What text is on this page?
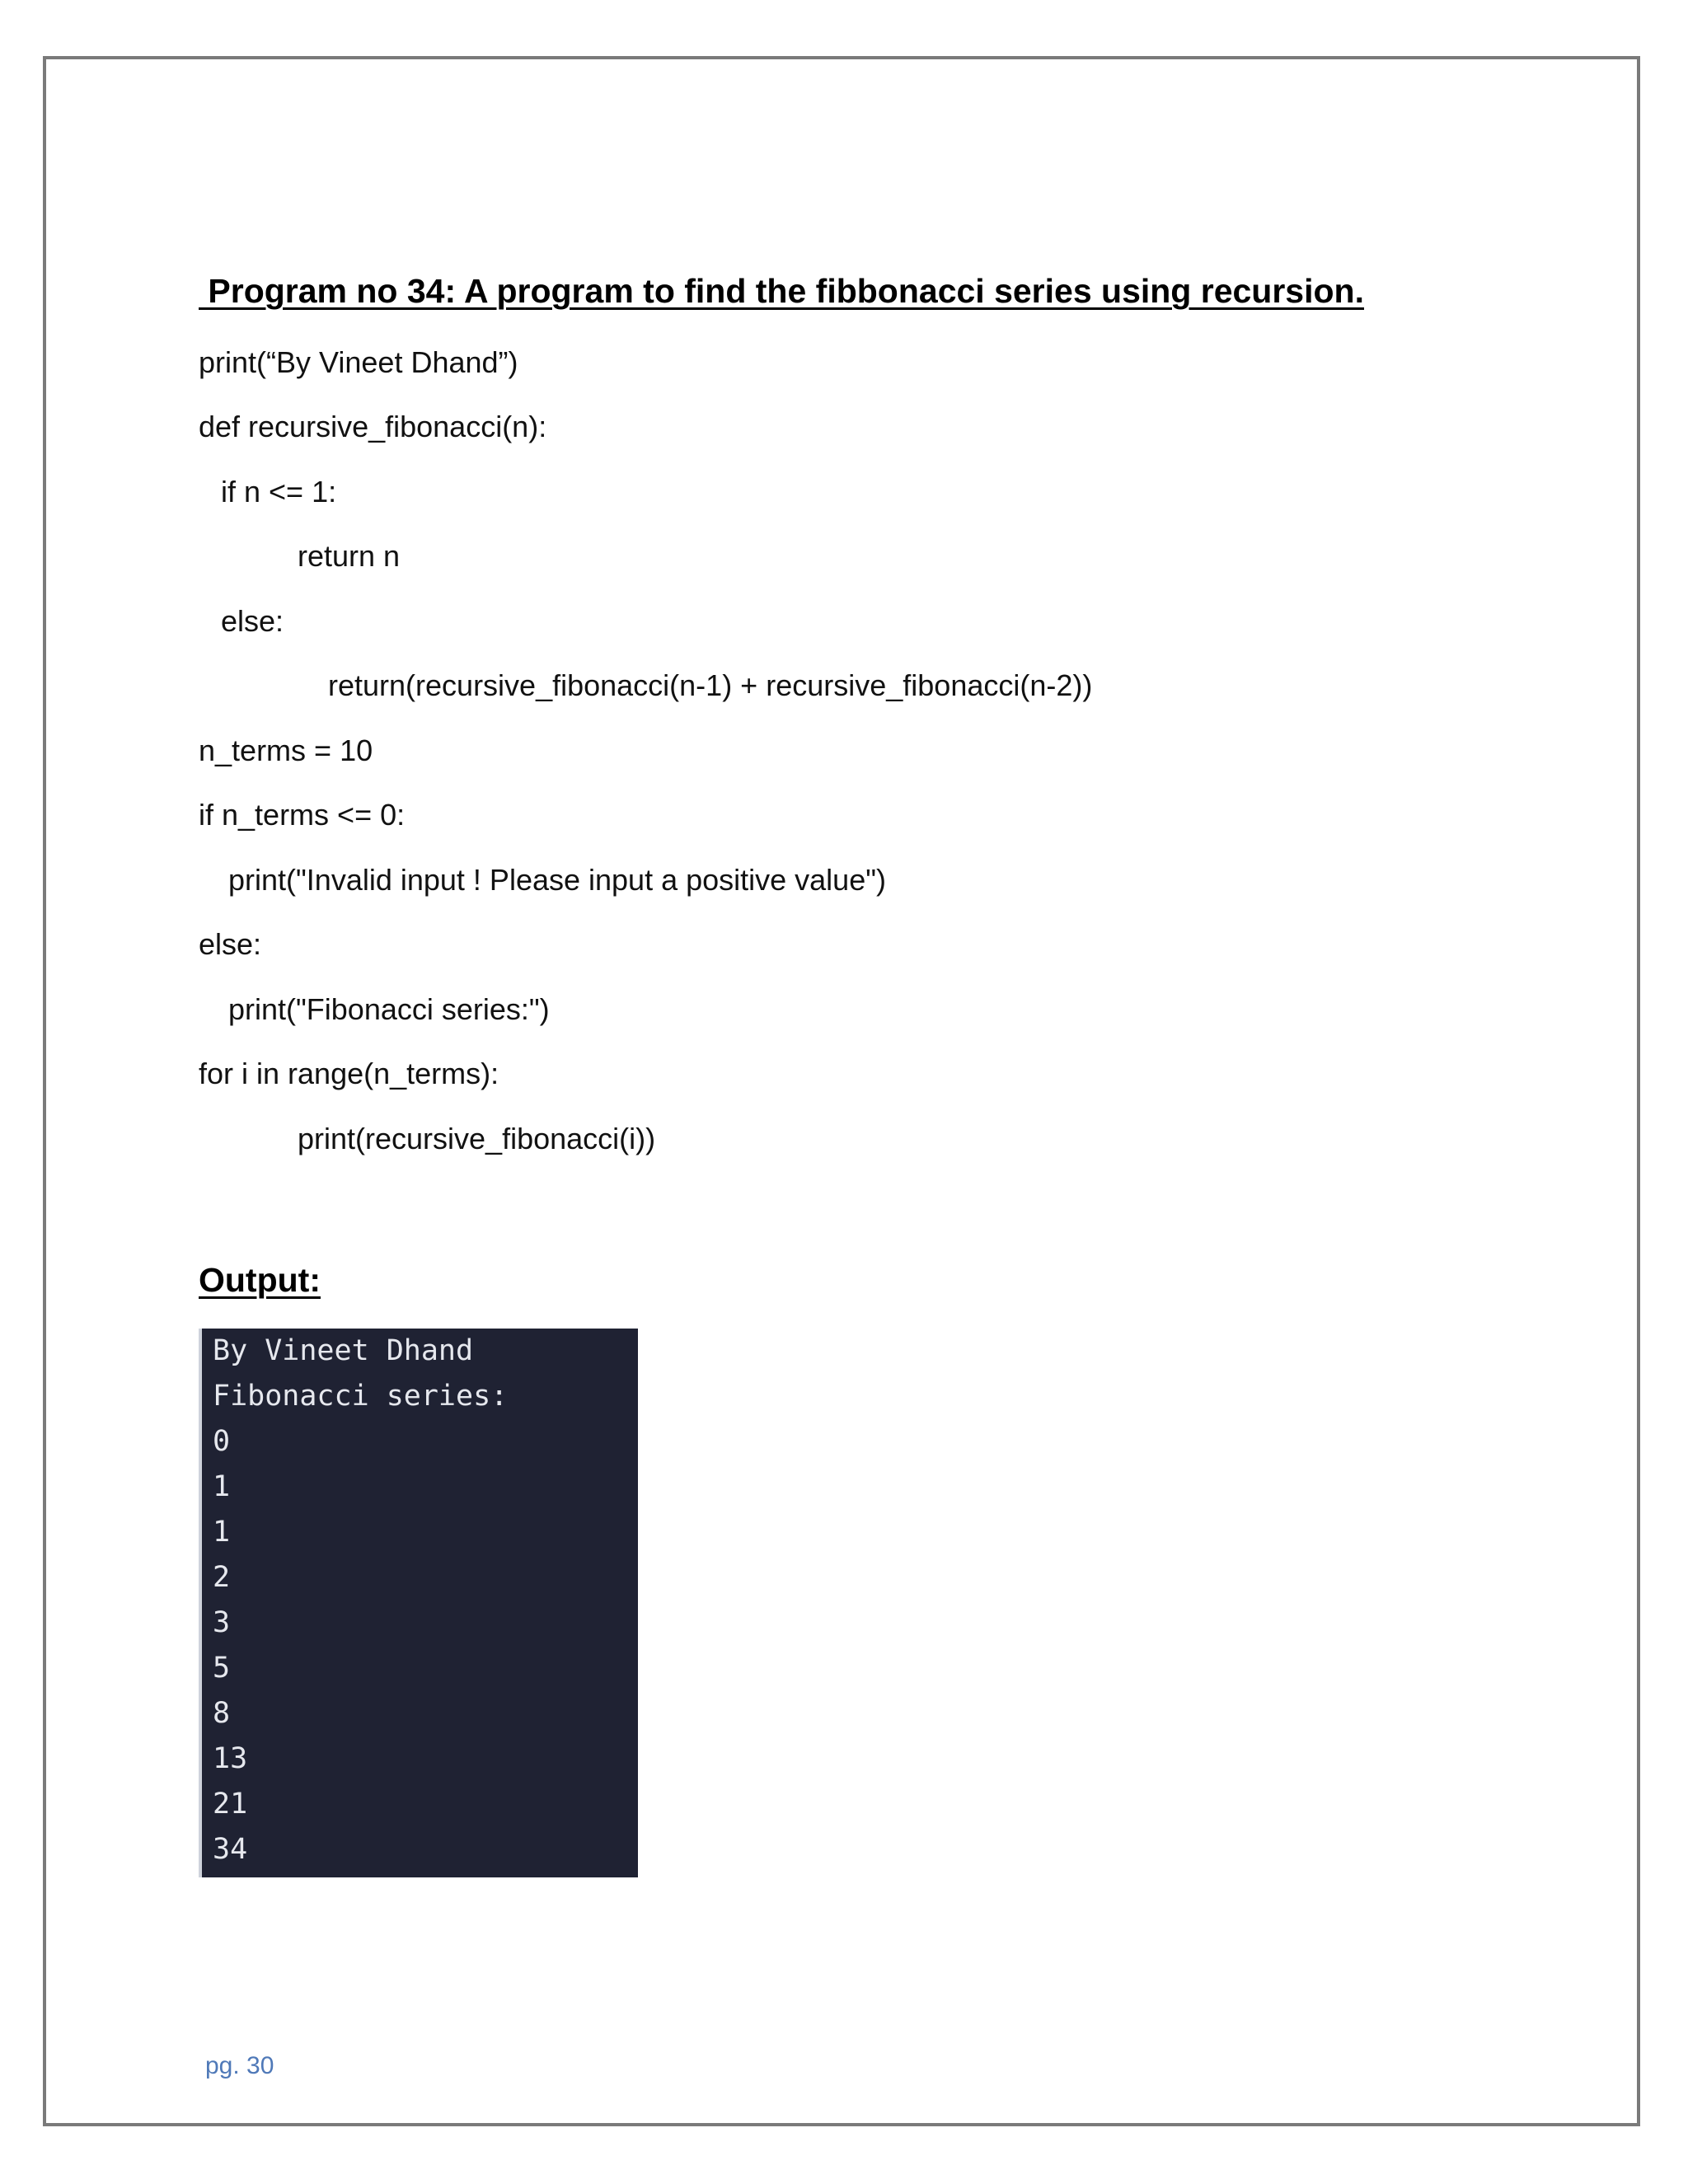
Program no 34: A program to find the fibbonacci series using recursion.
print(“By Vineet Dhand”)
def recursive_fibonacci(n):
if n <= 1:
return n
else:
return(recursive_fibonacci(n-1) + recursive_fibonacci(n-2))
n_terms = 10
if n_terms <= 0:
print("Invalid input ! Please input a positive value")
else:
print("Fibonacci series:")
for i in range(n_terms):
print(recursive_fibonacci(i))
Output:
By Vineet Dhand
Fibonacci series:
0
1
1
2
3
5
8
13
21
34
pg. 30
